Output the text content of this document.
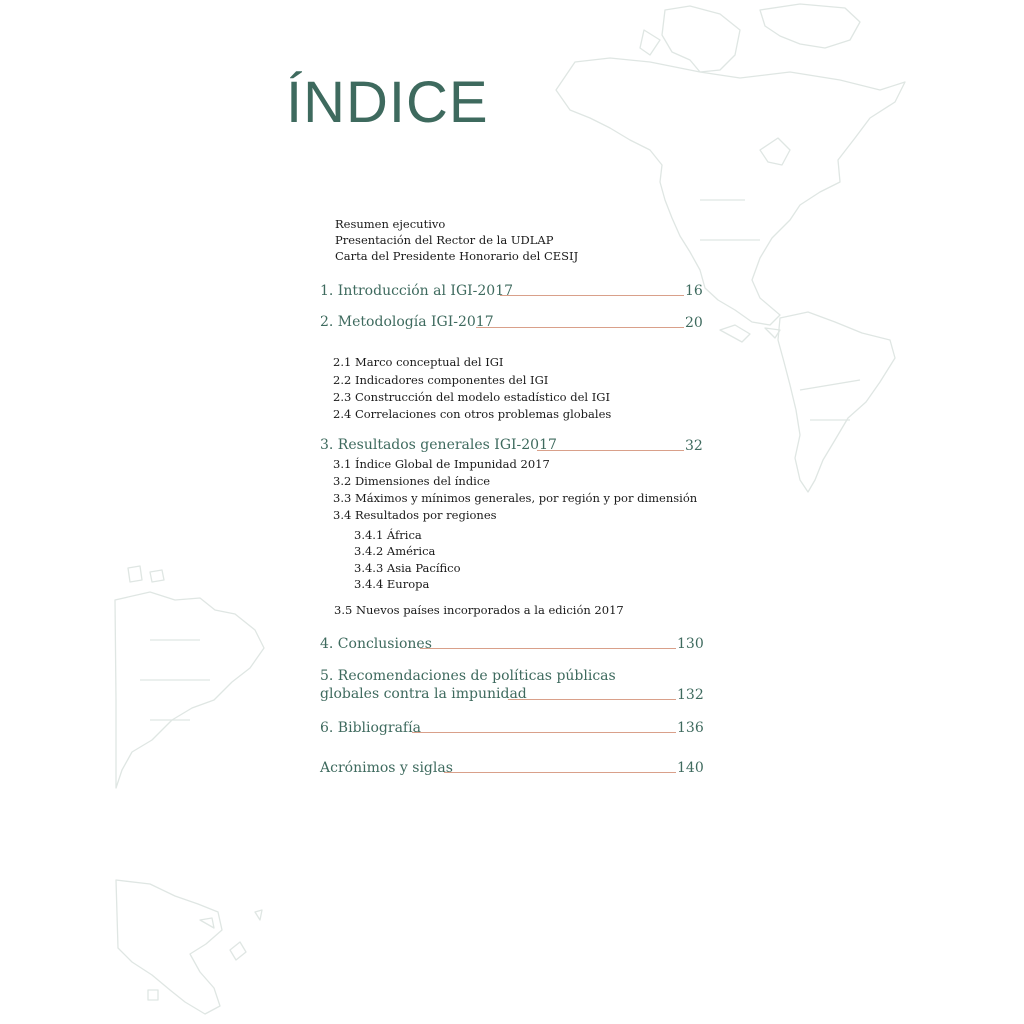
ÍNDICE
Resumen ejecutivo
Presentación del Rector de la UDLAP
Carta del Presidente Honorario del CESIJ
1. Introducción al IGI-2017	16
2. Metodología IGI-2017	20
2.1 Marco conceptual del IGI
2.2 Indicadores componentes del IGI
2.3 Construcción del modelo estadístico del IGI
2.4 Correlaciones con otros problemas globales
3. Resultados generales IGI-2017	32
3.1 Índice Global de Impunidad 2017
3.2 Dimensiones del índice
3.3 Máximos y mínimos generales, por región y por dimensión
3.4 Resultados por regiones
3.4.1 África
3.4.2 América
3.4.3 Asia Pacífico
3.4.4 Europa
3.5 Nuevos países incorporados a la edición 2017
4. Conclusiones	130
5. Recomendaciones de políticas públicas
globales contra la impunidad	132
6. Bibliografía	136
Acrónimos y siglas	140
